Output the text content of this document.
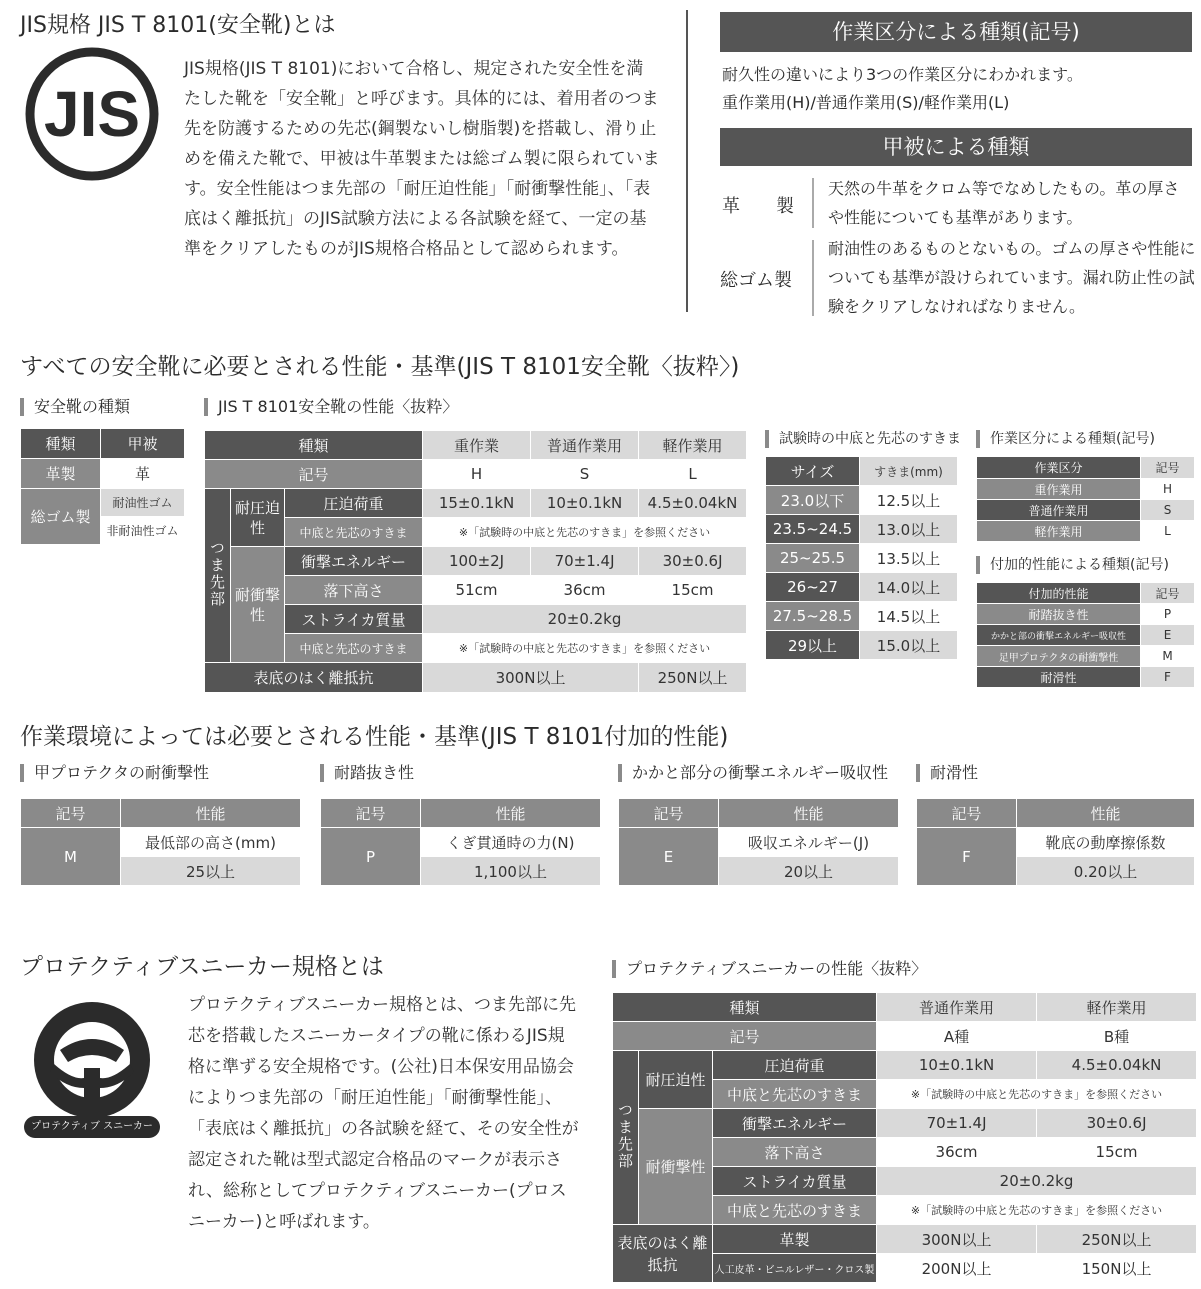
JIS規格 JIS T 8101(安全靴)とは
JIS
JIS規格(JIS T 8101)において合格し、規定された安全性を満たした靴を「安全靴」と呼びます。具体的には、着用者のつま先を防護するための先芯(鋼製ないし樹脂製)を搭載し、滑り止めを備えた靴で、甲被は牛革製または総ゴム製に限られています。安全性能はつま先部の「耐圧迫性能」「耐衝撃性能」、「表底はく離抵抗」のJIS試験方法による各試験を経て、一定の基準をクリアしたものがJIS規格合格品として認められます。
作業区分による種類(記号)
耐久性の違いにより3つの作業区分にわかれます。
重作業用(H)/普通作業用(S)/軽作業用(L)
甲被による種類
革　　製
天然の牛革をクロム等でなめしたもの。革の厚さや性能についても基準があります。
総ゴム製
耐油性のあるものとないもの。ゴムの厚さや性能についても基準が設けられています。漏れ防止性の試験をクリアしなければなりません。
すべての安全靴に必要とされる性能・基準(JIS T 8101安全靴〈抜粋〉)
安全靴の種類
種類	甲被
革製	革
総ゴム製	耐油性ゴム
	非耐油性ゴム
JIS T 8101安全靴の性能〈抜粋〉
種類			重作業	普通作業用	軽作業用
記号			H	S	L
つま先部	耐圧迫性	圧迫荷重	15±0.1kN	10±0.1kN	4.5±0.04kN
		中底と先芯のすきま	※「試験時の中底と先芯のすきま」を参照ください		
	耐衝撃性	衝撃エネルギー	100±2J	70±1.4J	30±0.6J
		落下高さ	51cm	36cm	15cm
		ストライカ質量	20±0.2kg		
		中底と先芯のすきま	※「試験時の中底と先芯のすきま」を参照ください		
表底のはく離抵抗			300N以上		250N以上
試験時の中底と先芯のすきま
サイズ	すきま(mm)
23.0以下	12.5以上
23.5~24.5	13.0以上
25~25.5	13.5以上
26~27	14.0以上
27.5~28.5	14.5以上
29以上	15.0以上
作業区分による種類(記号)
作業区分	記号
重作業用	H
普通作業用	S
軽作業用	L
付加的性能による種類(記号)
付加的性能	記号
耐踏抜き性	P
かかと部の衝撃エネルギー吸収性	E
足甲プロテクタの耐衝撃性	M
耐滑性	F
作業環境によっては必要とされる性能・基準(JIS T 8101付加的性能)
甲プロテクタの耐衝撃性
記号	性能
M	最低部の高さ(mm)
	25以上
耐踏抜き性
記号	性能
P	くぎ貫通時の力(N)
	1,100以上
かかと部分の衝撃エネルギー吸収性
記号	性能
E	吸収エネルギー(J)
	20以上
耐滑性
記号	性能
F	靴底の動摩擦係数
	0.20以上
プロテクティブスニーカー規格とは
プロテクティブ スニーカー
プロテクティブスニーカー規格とは、つま先部に先芯を搭載したスニーカータイプの靴に係わるJIS規格に準ずる安全規格です。(公社)日本保安用品協会によりつま先部の「耐圧迫性能」「耐衝撃性能」、「表底はく離抵抗」の各試験を経て、その安全性が認定された靴は型式認定合格品のマークが表示され、総称としてプロテクティブスニーカー(プロスニーカー)と呼ばれます。
プロテクティブスニーカーの性能〈抜粋〉
種類			普通作業用	軽作業用
記号			A種	B種
つま先部	耐圧迫性	圧迫荷重	10±0.1kN	4.5±0.04kN
		中底と先芯のすきま	※「試験時の中底と先芯のすきま」を参照ください	
	耐衝撃性	衝撃エネルギー	70±1.4J	30±0.6J
		落下高さ	36cm	15cm
		ストライカ質量	20±0.2kg	
		中底と先芯のすきま	※「試験時の中底と先芯のすきま」を参照ください	
表底のはく離抵抗		革製	300N以上	250N以上
		人工皮革・ビニルレザー・クロス製	200N以上	150N以上
